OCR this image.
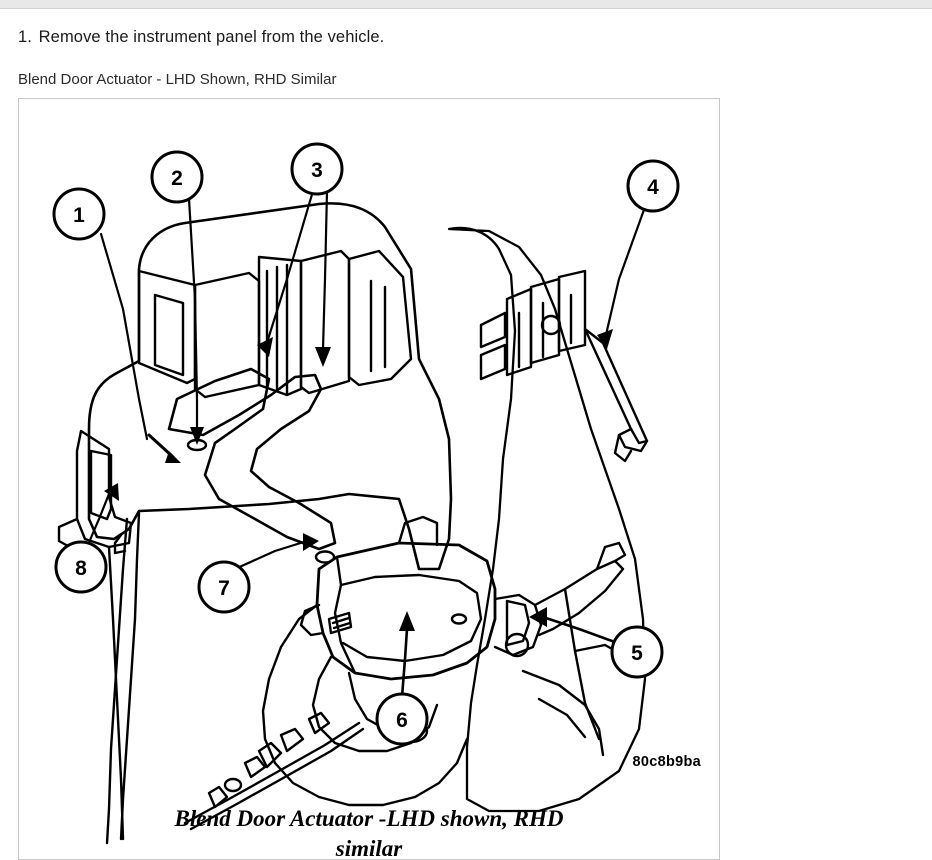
1. Remove the instrument panel from the vehicle.
Blend Door Actuator - LHD Shown, RHD Similar
1
2	3
4
5
6
7
8
80c8b9ba
Blend Door Actuator -LHD shown, RHD
similar
